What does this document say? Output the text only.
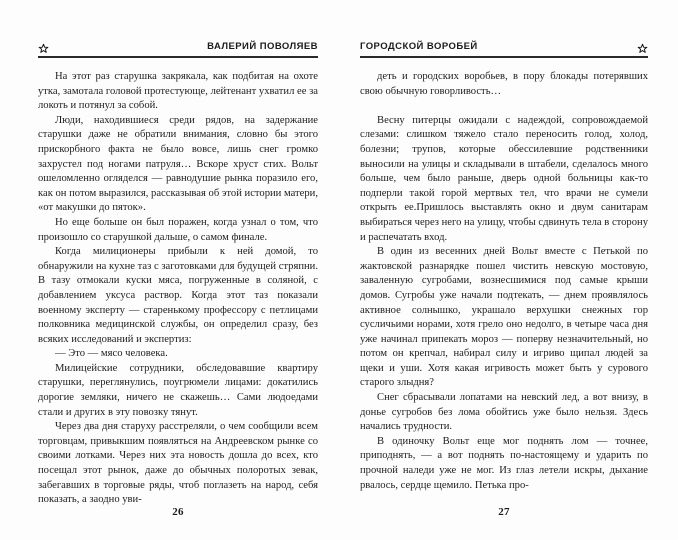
ВАЛЕРИЙ ПОВОЛЯЕВ

На этот раз старушка закрякала, как подбитая на охоте утка, замотала головой протестующе, лейтенант ухватил ее за локоть и потянул за собой.

Люди, находившиеся среди рядов, на задержание старушки даже не обратили внимания, словно бы этого прискорбного факта не было вовсе, лишь снег громко захрустел под ногами патруля… Вскоре хруст стих. Вольт ошеломленно огляделся — равнодушие рынка поразило его, как он потом выразился, рассказывая об этой истории матери, «от макушки до пяток».

Но еще больше он был поражен, когда узнал о том, что произошло со старушкой дальше, о самом финале.

Когда милиционеры прибыли к ней домой, то обнаружили на кухне таз с заготовками для будущей стряпни. В тазу отмокали куски мяса, погруженные в соляной, с добавлением уксуса раствор. Когда этот таз показали военному эксперту — старенькому профессору с петлицами полковника медицинской службы, он определил сразу, без всяких исследований и экспертиз:

— Это — мясо человека.

Милицейские сотрудники, обследовавшие квартиру старушки, переглянулись, поугрюмели лицами: докатились дорогие земляки, ничего не скажешь… Сами людоедами стали и других в эту повозку тянут.

Через два дня старуху расстреляли, о чем сообщили всем торговцам, привыкшим появляться на Андреевском рынке со своими лотками. Через них эта новость дошла до всех, кто посещал этот рынок, даже до обычных полоротых зевак, забегавших в торговые ряды, чтоб поглазеть на народ, себя показать, а заодно уви-

26
ГОРОДСКОЙ ВОРОБЕЙ

деть и городских воробьев, в пору блокады потерявших свою обычную говорливость…

Весну питерцы ожидали с надеждой, сопровождаемой слезами: слишком тяжело стало переносить голод, холод, болезни; трупов, которые обессилевшие родственники выносили на улицы и складывали в штабели, сделалось много больше, чем было раньше, дверь одной больницы как-то подперли такой горой мертвых тел, что врачи не сумели открыть ее.Пришлось выставлять окно и двум санитарам выбираться через него на улицу, чтобы сдвинуть тела в сторону и распечатать вход.

В один из весенних дней Вольт вместе с Петькой по жактовской разнарядке пошел чистить невскую мостовую, заваленную сугробами, вознесшимися под самые крыши домов. Сугробы уже начали подтекать, — днем проявлялось активное солнышко, украшало верхушки снежных гор сусличьими норами, хотя грело оно недолго, в четыре часа дня уже начинал припекать мороз — поперву незначительный, но потом он крепчал, набирал силу и игриво щипал людей за щеки и уши. Хотя какая игривость может быть у сурового старого злыдня?

Снег сбрасывали лопатами на невский лед, а вот внизу, в донье сугробов без лома обойтись уже было нельзя. Здесь начались трудности.

В одиночку Вольт еще мог поднять лом — точнее, приподнять, — а вот поднять по-настоящему и ударить по прочной наледи уже не мог. Из глаз летели искры, дыхание рвалось, сердце щемило. Петька про-

27
